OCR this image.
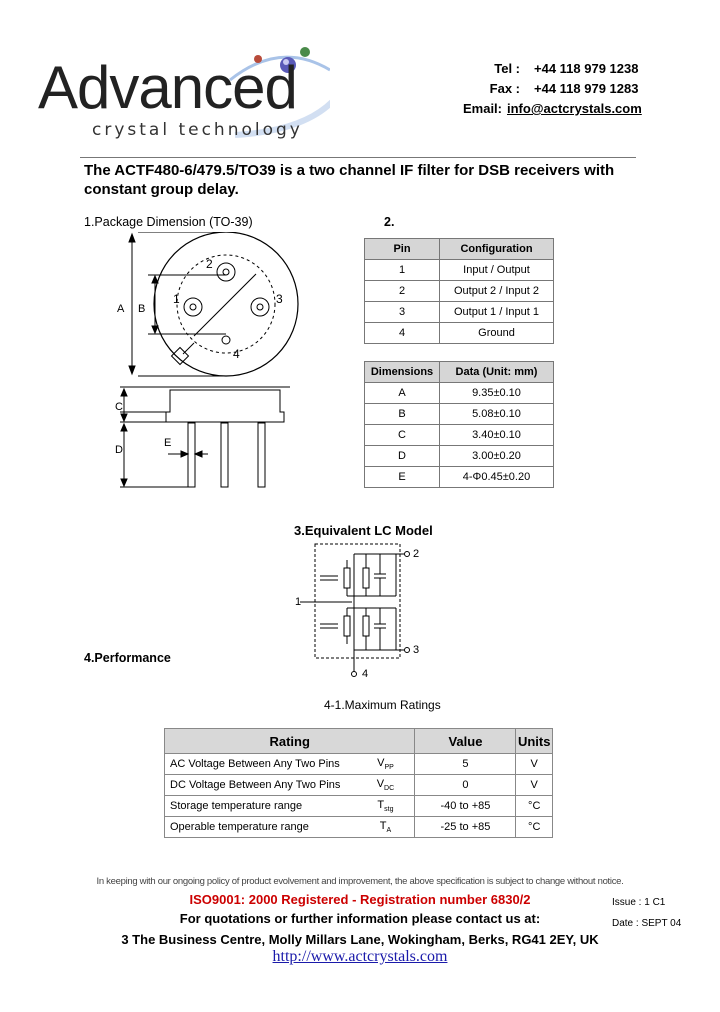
Advanced
crystal technology
Tel : +44 118 979 1238
Fax : +44 118 979 1283
Email: info@actcrystals.com
The ACTF480-6/479.5/TO39 is a two channel IF filter for DSB receivers with constant group delay.
1.Package Dimension (TO-39)	2.
A B
C
D
E
1
2
3
4
Pin	Configuration
1	Input / Output
2	Output 2 / Input 2
3	Output 1 / Input 1
4	Ground
Dimensions	Data (Unit: mm)
A	9.35±0.10
B	5.08±0.10
C	3.40±0.10
D	3.00±0.20
E	4-Φ0.45±0.20
3.Equivalent LC Model
1
2
3
4
4.Performance
4-1.Maximum Ratings
Rating		Value	Units
AC Voltage Between Any Two Pins	$V_{PP}$	5	V
DC Voltage Between Any Two Pins	$V_{DC}$	0	V
Storage temperature range	$T_{stg}$	-40 to +85	°C
Operable temperature range	$T_A$	-25 to +85	°C
In keeping with our ongoing policy of product evolvement and improvement, the above specification is subject to change without notice.
ISO9001: 2000 Registered - Registration number 6830/2
For quotations or further information please contact us at:
3 The Business Centre, Molly Millars Lane, Wokingham, Berks, RG41 2EY, UK
http://www.actcrystals.com
Issue : 1 C1
Date : SEPT 04
